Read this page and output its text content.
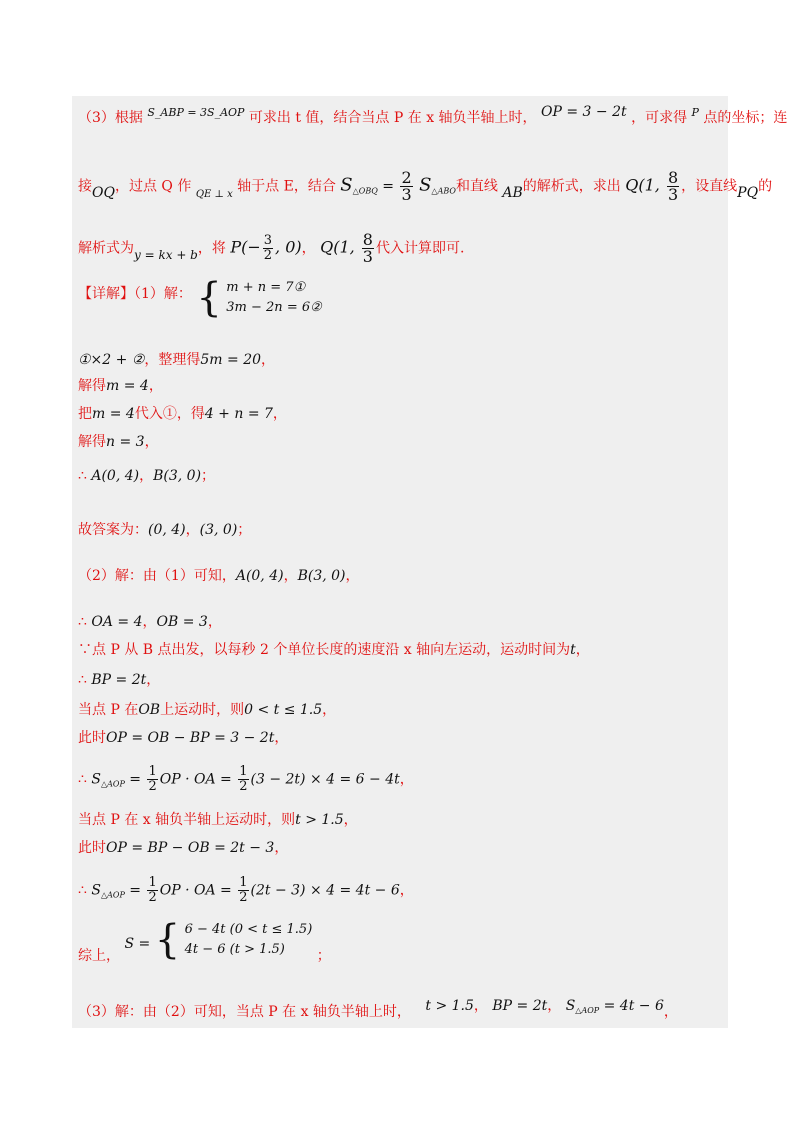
（3）根据 $^{S\_ABP = 3S\_AOP}$ 可求出 t 值，结合当点 P 在 x 轴负半轴上时， OP = 3 − 2t ，可求得 $^P$ 点的坐标；连
接OQ，过点 Q 作 $_{QE \perp x}$ 轴于点 E，结合 $S_{\triangle OBQ} = \frac{2}{3} S_{\triangle ABO}$和直线 AB的解析式，求出 Q(1, $\frac{8}{3}$ ，设直线PQ的
解析式为y = kx + b，将 $P(- \frac{3}{2}$ , 0)， Q(1, $\frac{8}{3}$ 代入计算即可.
【详解】（1）解： { m + n = 7①
3m − 2n = 6②
①×2 + ②，整理得5m = 20，
解得m = 4，
把m = 4代入①，得4 + n = 7，
解得n = 3，
∴ A(0, 4)，B(3, 0)；
故答案为：(0, 4)，(3, 0)；
（2）解：由（1）可知，A(0, 4)，B(3, 0)，
∴ OA = 4，OB = 3，
∵点 P 从 B 点出发，以每秒 2 个单位长度的速度沿 x 轴向左运动，运动时间为t，
∴ BP = 2t，
当点 P 在OB上运动时，则0 < t ≤ 1.5，
此时OP = OB − BP = 3 − 2t，
∴ $S_{\triangle AOP} = \frac{1}{2}$ OP · OA = $\frac{1}{2} (3 - 2t) \times 4 = 6 - 4t$，
当点 P 在 x 轴负半轴上运动时，则t > 1.5，
此时OP = BP − OB = 2t − 3，
∴ $S_{\triangle AOP} = \frac{1}{2}$ OP · OA = $\frac{1}{2} (2t - 3) \times 4 = 4t - 6$，
综上， S = { 6 − 4t (0 < t ≤ 1.5)
4t − 6 (t > 1.5)	；
（3）解：由（2）可知，当点 P 在 x 轴负半轴上时， t > 1.5， BP = 2t， $S_{\triangle AOP} = 4t - 6$，
